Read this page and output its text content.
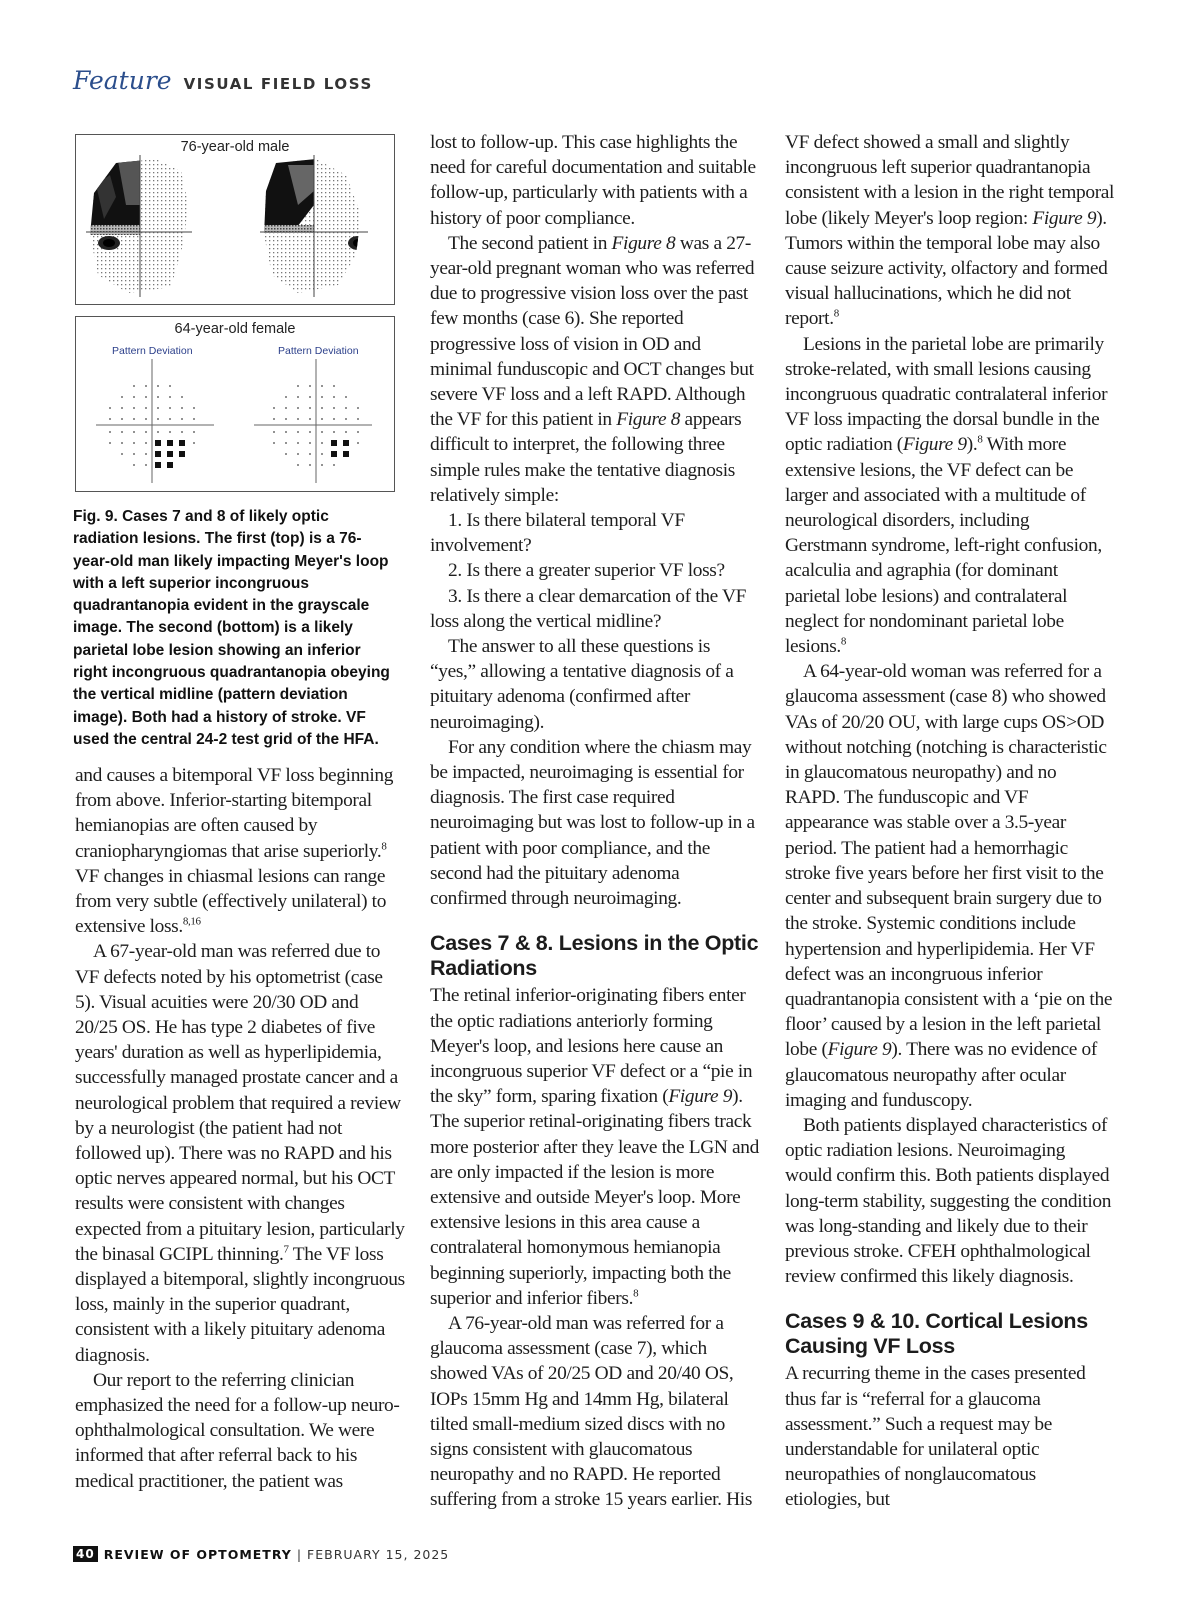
Feature VISUAL FIELD LOSS
76-year-old male
64-year-old female
Pattern Deviation	Pattern Deviation
Fig. 9. Cases 7 and 8 of likely optic radiation lesions. The first (top) is a 76-year-old man likely impacting Meyer's loop with a left superior incongruous quadrantanopia evident in the grayscale image. The second (bottom) is a likely parietal lobe lesion showing an inferior right incongruous quadrantanopia obeying the vertical midline (pattern deviation image). Both had a history of stroke. VF used the central 24-2 test grid of the HFA.

and causes a bitemporal VF loss beginning from above. Inferior-starting bitemporal hemianopias are often caused by craniopharyngiomas that arise superiorly.$^8$ VF changes in chiasmal lesions can range from very subtle (effectively unilateral) to extensive loss.$^{8,16}$

A 67-year-old man was referred due to VF defects noted by his optometrist (case 5). Visual acuities were 20/30 OD and 20/25 OS. He has type 2 diabetes of five years' duration as well as hyperlipidemia, successfully managed prostate cancer and a neurological problem that required a review by a neurologist (the patient had not followed up). There was no RAPD and his optic nerves appeared normal, but his OCT results were consistent with changes expected from a pituitary lesion, particularly the binasal GCIPL thinning.$^7$ The VF loss displayed a bitemporal, slightly incongruous loss, mainly in the superior quadrant, consistent with a likely pituitary adenoma diagnosis.

Our report to the referring clinician emphasized the need for a follow-up neuro-ophthalmological consultation. We were informed that after referral back to his medical practitioner, the patient was

lost to follow-up. This case highlights the need for careful documentation and suitable follow-up, particularly with patients with a history of poor compliance.

The second patient in Figure 8 was a 27-year-old pregnant woman who was referred due to progressive vision loss over the past few months (case 6). She reported progressive loss of vision in OD and minimal funduscopic and OCT changes but severe VF loss and a left RAPD. Although the VF for this patient in Figure 8 appears difficult to interpret, the following three simple rules make the tentative diagnosis relatively simple:

1. Is there bilateral temporal VF involvement?

2. Is there a greater superior VF loss?

3. Is there a clear demarcation of the VF loss along the vertical midline?

The answer to all these questions is “yes,” allowing a tentative diagnosis of a pituitary adenoma (confirmed after neuroimaging).

For any condition where the chiasm may be impacted, neuroimaging is essential for diagnosis. The first case required neuroimaging but was lost to follow-up in a patient with poor compliance, and the second had the pituitary adenoma confirmed through neuroimaging.

Cases 7 & 8. Lesions in the Optic Radiations

The retinal inferior-originating fibers enter the optic radiations anteriorly forming Meyer's loop, and lesions here cause an incongruous superior VF defect or a “pie in the sky” form, sparing fixation (Figure 9). The superior retinal-originating fibers track more posterior after they leave the LGN and are only impacted if the lesion is more extensive and outside Meyer's loop. More extensive lesions in this area cause a contralateral homonymous hemianopia beginning superiorly, impacting both the superior and inferior fibers.$^8$

A 76-year-old man was referred for a glaucoma assessment (case 7), which showed VAs of 20/25 OD and 20/40 OS, IOPs 15mm Hg and 14mm Hg, bilateral tilted small-medium sized discs with no signs consistent with glaucomatous neuropathy and no RAPD. He reported suffering from a stroke 15 years earlier. His

VF defect showed a small and slightly incongruous left superior quadrantanopia consistent with a lesion in the right temporal lobe (likely Meyer's loop region: Figure 9). Tumors within the temporal lobe may also cause seizure activity, olfactory and formed visual hallucinations, which he did not report.$^8$

Lesions in the parietal lobe are primarily stroke-related, with small lesions causing incongruous quadratic contralateral inferior VF loss impacting the dorsal bundle in the optic radiation (Figure 9).$^8$ With more extensive lesions, the VF defect can be larger and associated with a multitude of neurological disorders, including Gerstmann syndrome, left-right confusion, acalculia and agraphia (for dominant parietal lobe lesions) and contralateral neglect for nondominant parietal lobe lesions.$^8$

A 64-year-old woman was referred for a glaucoma assessment (case 8) who showed VAs of 20/20 OU, with large cups OS>OD without notching (notching is characteristic in glaucomatous neuropathy) and no RAPD. The funduscopic and VF appearance was stable over a 3.5-year period. The patient had a hemorrhagic stroke five years before her first visit to the center and subsequent brain surgery due to the stroke. Systemic conditions include hypertension and hyperlipidemia. Her VF defect was an incongruous inferior quadrantanopia consistent with a ‘pie on the floor’ caused by a lesion in the left parietal lobe (Figure 9). There was no evidence of glaucomatous neuropathy after ocular imaging and funduscopy.

Both patients displayed characteristics of optic radiation lesions. Neuroimaging would confirm this. Both patients displayed long-term stability, suggesting the condition was long-standing and likely due to their previous stroke. CFEH ophthalmological review confirmed this likely diagnosis.

Cases 9 & 10. Cortical Lesions Causing VF Loss

A recurring theme in the cases presented thus far is “referral for a glaucoma assessment.” Such a request may be understandable for unilateral optic neuropathies of nonglaucomatous etiologies, but

40 REVIEW OF OPTOMETRY | FEBRUARY 15, 2025
